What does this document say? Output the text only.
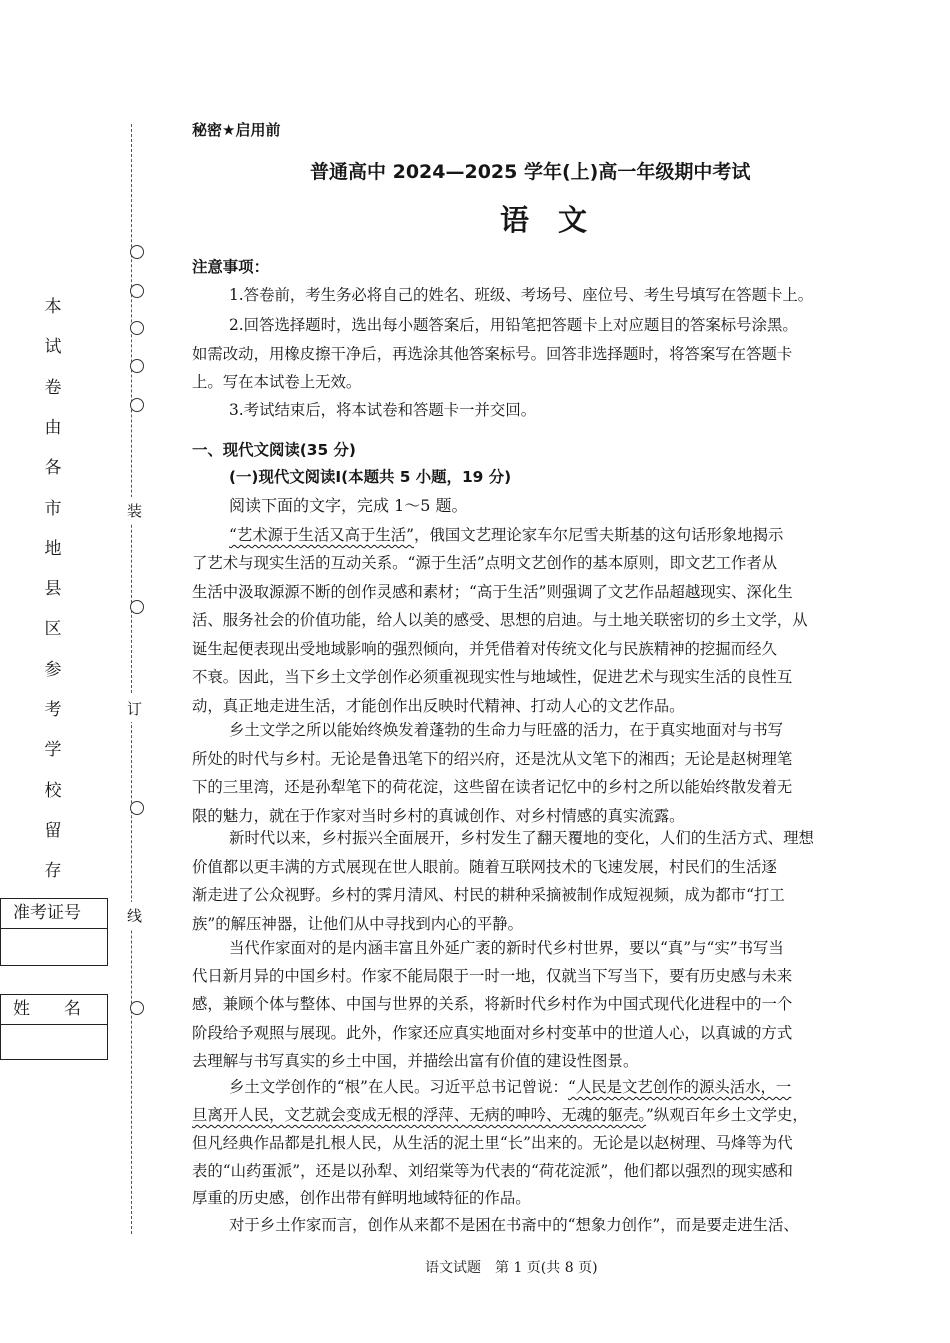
装
订
线
本
试
卷
由
各
市
地
县
区
参
考
学
校
留
存
准考证号
姓　　名
秘密★启用前
普通高中 2024—2025 学年(上)高一年级期中考试
语　文
注意事项：
1.答卷前，考生务必将自己的姓名、班级、考场号、座位号、考生号填写在答题卡上。
2.回答选择题时，选出每小题答案后，用铅笔把答题卡上对应题目的答案标号涂黑。
如需改动，用橡皮擦干净后，再选涂其他答案标号。回答非选择题时，将答案写在答题卡
上。写在本试卷上无效。
3.考试结束后，将本试卷和答题卡一并交回。
一、现代文阅读(35 分)
(一)现代文阅读Ⅰ(本题共 5 小题，19 分)
阅读下面的文字，完成 1～5 题。
“艺术源于生活又高于生活”，俄国文艺理论家车尔尼雪夫斯基的这句话形象地揭示
了艺术与现实生活的互动关系。“源于生活”点明文艺创作的基本原则，即文艺工作者从
生活中汲取源源不断的创作灵感和素材；“高于生活”则强调了文艺作品超越现实、深化生
活、服务社会的价值功能，给人以美的感受、思想的启迪。与土地关联密切的乡土文学，从
诞生起便表现出受地域影响的强烈倾向，并凭借着对传统文化与民族精神的挖掘而经久
不衰。因此，当下乡土文学创作必须重视现实性与地域性，促进艺术与现实生活的良性互
动，真正地走进生活，才能创作出反映时代精神、打动人心的文艺作品。
乡土文学之所以能始终焕发着蓬勃的生命力与旺盛的活力，在于真实地面对与书写
所处的时代与乡村。无论是鲁迅笔下的绍兴府，还是沈从文笔下的湘西；无论是赵树理笔
下的三里湾，还是孙犁笔下的荷花淀，这些留在读者记忆中的乡村之所以能始终散发着无
限的魅力，就在于作家对当时乡村的真诚创作、对乡村情感的真实流露。
新时代以来，乡村振兴全面展开，乡村发生了翻天覆地的变化，人们的生活方式、理想
价值都以更丰满的方式展现在世人眼前。随着互联网技术的飞速发展，村民们的生活逐
渐走进了公众视野。乡村的霁月清风、村民的耕种采摘被制作成短视频，成为都市“打工
族”的解压神器，让他们从中寻找到内心的平静。
当代作家面对的是内涵丰富且外延广袤的新时代乡村世界，要以“真”与“实”书写当
代日新月异的中国乡村。作家不能局限于一时一地，仅就当下写当下，要有历史感与未来
感，兼顾个体与整体、中国与世界的关系，将新时代乡村作为中国式现代化进程中的一个
阶段给予观照与展现。此外，作家还应真实地面对乡村变革中的世道人心，以真诚的方式
去理解与书写真实的乡土中国，并描绘出富有价值的建设性图景。
乡土文学创作的“根”在人民。习近平总书记曾说：“人民是文艺创作的源头活水，一
旦离开人民，文艺就会变成无根的浮萍、无病的呻吟、无魂的躯壳。”纵观百年乡土文学史，
但凡经典作品都是扎根人民，从生活的泥土里“长”出来的。无论是以赵树理、马烽等为代
表的“山药蛋派”，还是以孙犁、刘绍棠等为代表的“荷花淀派”，他们都以强烈的现实感和
厚重的历史感，创作出带有鲜明地域特征的作品。
对于乡土作家而言，创作从来都不是困在书斋中的“想象力创作”，而是要走进生活、
语文试题　第 1 页(共 8 页)
